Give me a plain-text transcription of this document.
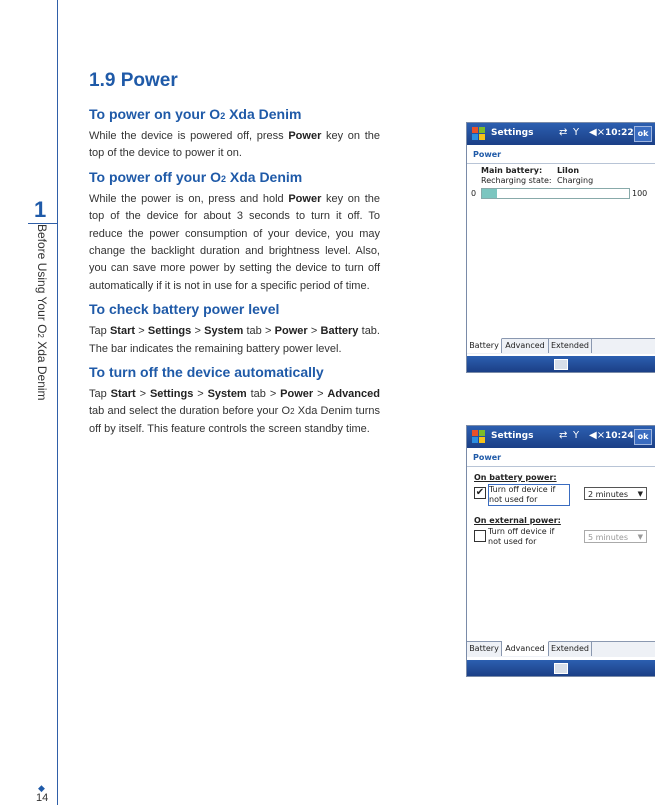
1
Before Using Your O2 Xda Denim
◆
14
1.9 Power
To power on your O2 Xda Denim

While the device is powered off, press Power key on the top of the device to power it on.

To power off your O2 Xda Denim

While the power is on, press and hold Power key on the top of the device for about 3 seconds to turn it off. To reduce the power consumption of your device, you may change the backlight duration and brightness level. Also, you can save more power by setting the device to turn off automatically if it is not in use for a specific period of time.

To check battery power level

Tap Start > Settings > System tab > Power > Battery tab. The bar indicates the remaining battery power level.

To turn off the device automatically

Tap Start > Settings > System tab > Power > Advanced tab and select the duration before your O2 Xda Denim turns off by itself. This feature controls the screen standby time.

Settings	⇄ Y ◀× 10:22 ok
Power
Main battery: LiIon
Recharging state: Charging
0	100
Battery Advanced Extended
Settings	⇄ Y ◀× 10:24 ok
Power
On battery power:
✔ Turn off device if not used for
2 minutes ▼
On external power:
Turn off device if not used for	5 minutes ▼
Battery Advanced Extended
